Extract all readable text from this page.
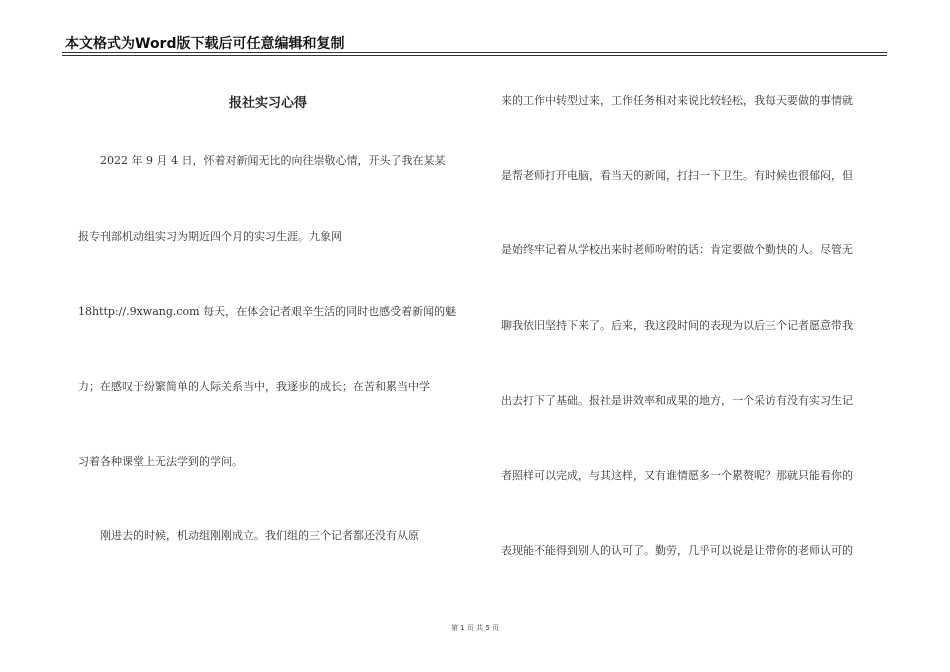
本文格式为Word版下载后可任意编辑和复制
报社实习心得
2022 年 9 月 4 日，怀着对新闻无比的向往崇敬心情，开头了我在某某
报专刊部机动组实习为期近四个月的实习生涯。九象网
18http://.9xwang.com 每天，在体会记者艰辛生活的同时也感受着新闻的魅
力；在感叹于纷繁简单的人际关系当中，我逐步的成长；在苦和累当中学
习着各种课堂上无法学到的学问。
刚进去的时候，机动组刚刚成立。我们组的三个记者都还没有从原
来的工作中转型过来，工作任务相对来说比较轻松，我每天要做的事情就
是帮老师打开电脑，看当天的新闻，打扫一下卫生。有时候也很郁闷，但
是始终牢记着从学校出来时老师吩咐的话：肯定要做个勤快的人。尽管无
聊我依旧坚持下来了。后来，我这段时间的表现为以后三个记者愿意带我
出去打下了基础。报社是讲效率和成果的地方，一个采访有没有实习生记
者照样可以完成，与其这样，又有谁情愿多一个累赘呢？那就只能看你的
表现能不能得到别人的认可了。勤劳，几乎可以说是让带你的老师认可的
第 1 页 共 5 页
